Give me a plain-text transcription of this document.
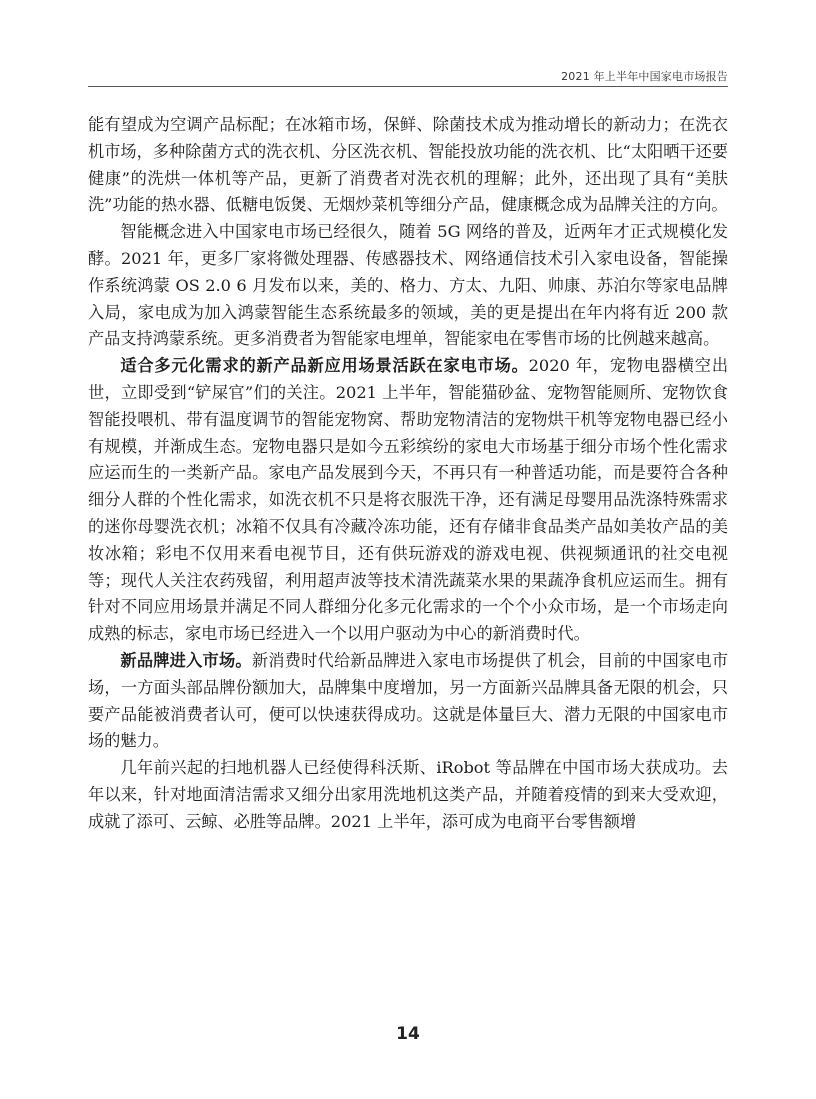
2021 年上半年中国家电市场报告

能有望成为空调产品标配；在冰箱市场，保鲜、除菌技术成为推动增长的新动力；在洗衣机市场，多种除菌方式的洗衣机、分区洗衣机、智能投放功能的洗衣机、比“太阳晒干还要健康”的洗烘一体机等产品，更新了消费者对洗衣机的理解；此外，还出现了具有“美肤洗”功能的热水器、低糖电饭煲、无烟炒菜机等细分产品，健康概念成为品牌关注的方向。

智能概念进入中国家电市场已经很久，随着 5G 网络的普及，近两年才正式规模化发酵。2021 年，更多厂家将微处理器、传感器技术、网络通信技术引入家电设备，智能操作系统鸿蒙 OS 2.0 6 月发布以来，美的、格力、方太、九阳、帅康、苏泊尔等家电品牌入局，家电成为加入鸿蒙智能生态系统最多的领域，美的更是提出在年内将有近 200 款产品支持鸿蒙系统。更多消费者为智能家电埋单，智能家电在零售市场的比例越来越高。

适合多元化需求的新产品新应用场景活跃在家电市场。2020 年，宠物电器横空出世，立即受到“铲屎官”们的关注。2021 上半年，智能猫砂盆、宠物智能厕所、宠物饮食智能投喂机、带有温度调节的智能宠物窝、帮助宠物清洁的宠物烘干机等宠物电器已经小有规模，并渐成生态。宠物电器只是如今五彩缤纷的家电大市场基于细分市场个性化需求应运而生的一类新产品。家电产品发展到今天，不再只有一种普适功能，而是要符合各种细分人群的个性化需求，如洗衣机不只是将衣服洗干净，还有满足母婴用品洗涤特殊需求的迷你母婴洗衣机；冰箱不仅具有冷藏冷冻功能，还有存储非食品类产品如美妆产品的美妆冰箱；彩电不仅用来看电视节目，还有供玩游戏的游戏电视、供视频通讯的社交电视等；现代人关注农药残留，利用超声波等技术清洗蔬菜水果的果蔬净食机应运而生。拥有针对不同应用场景并满足不同人群细分化多元化需求的一个个小众市场，是一个市场走向成熟的标志，家电市场已经进入一个以用户驱动为中心的新消费时代。

新品牌进入市场。新消费时代给新品牌进入家电市场提供了机会，目前的中国家电市场，一方面头部品牌份额加大，品牌集中度增加，另一方面新兴品牌具备无限的机会，只要产品能被消费者认可，便可以快速获得成功。这就是体量巨大、潜力无限的中国家电市场的魅力。

几年前兴起的扫地机器人已经使得科沃斯、iRobot 等品牌在中国市场大获成功。去年以来，针对地面清洁需求又细分出家用洗地机这类产品，并随着疫情的到来大受欢迎，成就了添可、云鲸、必胜等品牌。2021 上半年，添可成为电商平台零售额增

14
